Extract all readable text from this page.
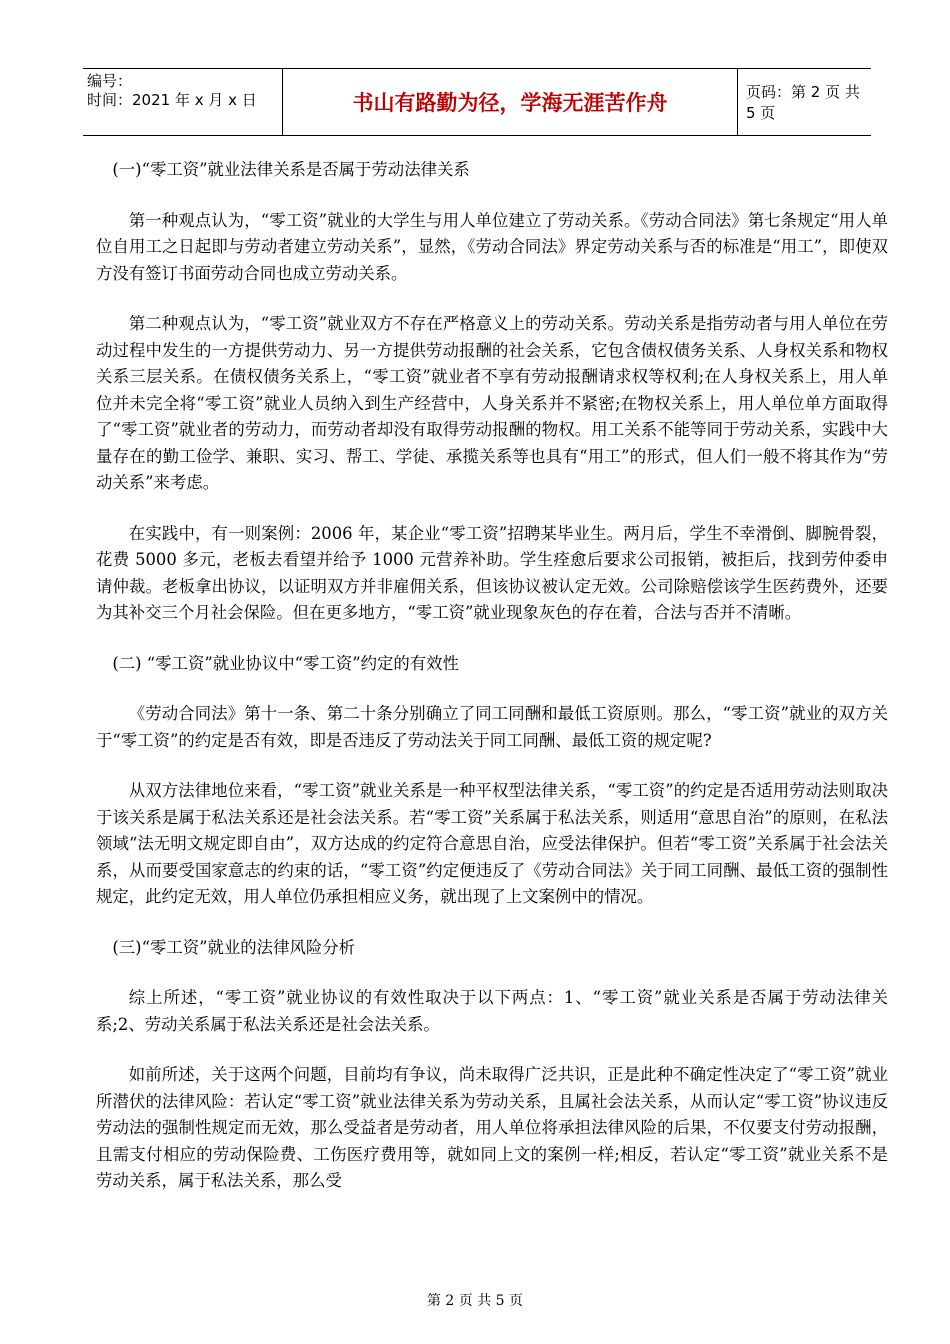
编号：
时间：2021 年 x 月 x 日	书山有路勤为径，学海无涯苦作舟	页码：第 2 页 共 5 页

(一)“零工资”就业法律关系是否属于劳动法律关系

第一种观点认为，“零工资”就业的大学生与用人单位建立了劳动关系。《劳动合同法》第七条规定“用人单位自用工之日起即与劳动者建立劳动关系”，显然，《劳动合同法》界定劳动关系与否的标准是“用工”，即使双方没有签订书面劳动合同也成立劳动关系。

第二种观点认为，“零工资”就业双方不存在严格意义上的劳动关系。劳动关系是指劳动者与用人单位在劳动过程中发生的一方提供劳动力、另一方提供劳动报酬的社会关系，它包含债权债务关系、人身权关系和物权关系三层关系。在债权债务关系上，“零工资”就业者不享有劳动报酬请求权等权利;在人身权关系上，用人单位并未完全将“零工资”就业人员纳入到生产经营中，人身关系并不紧密;在物权关系上，用人单位单方面取得了“零工资”就业者的劳动力，而劳动者却没有取得劳动报酬的物权。用工关系不能等同于劳动关系，实践中大量存在的勤工俭学、兼职、实习、帮工、学徒、承揽关系等也具有“用工”的形式，但人们一般不将其作为“劳动关系”来考虑。

在实践中，有一则案例：2006 年，某企业“零工资”招聘某毕业生。两月后，学生不幸滑倒、脚腕骨裂，花费 5000 多元，老板去看望并给予 1000 元营养补助。学生痊愈后要求公司报销，被拒后，找到劳仲委申请仲裁。老板拿出协议，以证明双方并非雇佣关系，但该协议被认定无效。公司除赔偿该学生医药费外，还要为其补交三个月社会保险。但在更多地方，“零工资”就业现象灰色的存在着，合法与否并不清晰。

(二) “零工资”就业协议中“零工资”约定的有效性

《劳动合同法》第十一条、第二十条分别确立了同工同酬和最低工资原则。那么，“零工资”就业的双方关于“零工资”的约定是否有效，即是否违反了劳动法关于同工同酬、最低工资的规定呢?

从双方法律地位来看，“零工资”就业关系是一种平权型法律关系，“零工资”的约定是否适用劳动法则取决于该关系是属于私法关系还是社会法关系。若“零工资”关系属于私法关系，则适用“意思自治”的原则，在私法领域“法无明文规定即自由”，双方达成的约定符合意思自治，应受法律保护。但若“零工资”关系属于社会法关系，从而要受国家意志的约束的话，“零工资”约定便违反了《劳动合同法》关于同工同酬、最低工资的强制性规定，此约定无效，用人单位仍承担相应义务，就出现了上文案例中的情况。

(三)“零工资”就业的法律风险分析

综上所述，“零工资”就业协议的有效性取决于以下两点：1、“零工资”就业关系是否属于劳动法律关系;2、劳动关系属于私法关系还是社会法关系。

如前所述，关于这两个问题，目前均有争议，尚未取得广泛共识，正是此种不确定性决定了“零工资”就业所潜伏的法律风险：若认定“零工资”就业法律关系为劳动关系，且属社会法关系，从而认定“零工资”协议违反劳动法的强制性规定而无效，那么受益者是劳动者，用人单位将承担法律风险的后果，不仅要支付劳动报酬，且需支付相应的劳动保险费、工伤医疗费用等，就如同上文的案例一样;相反，若认定“零工资”就业关系不是劳动关系，属于私法关系，那么受

第 2 页 共 5 页
